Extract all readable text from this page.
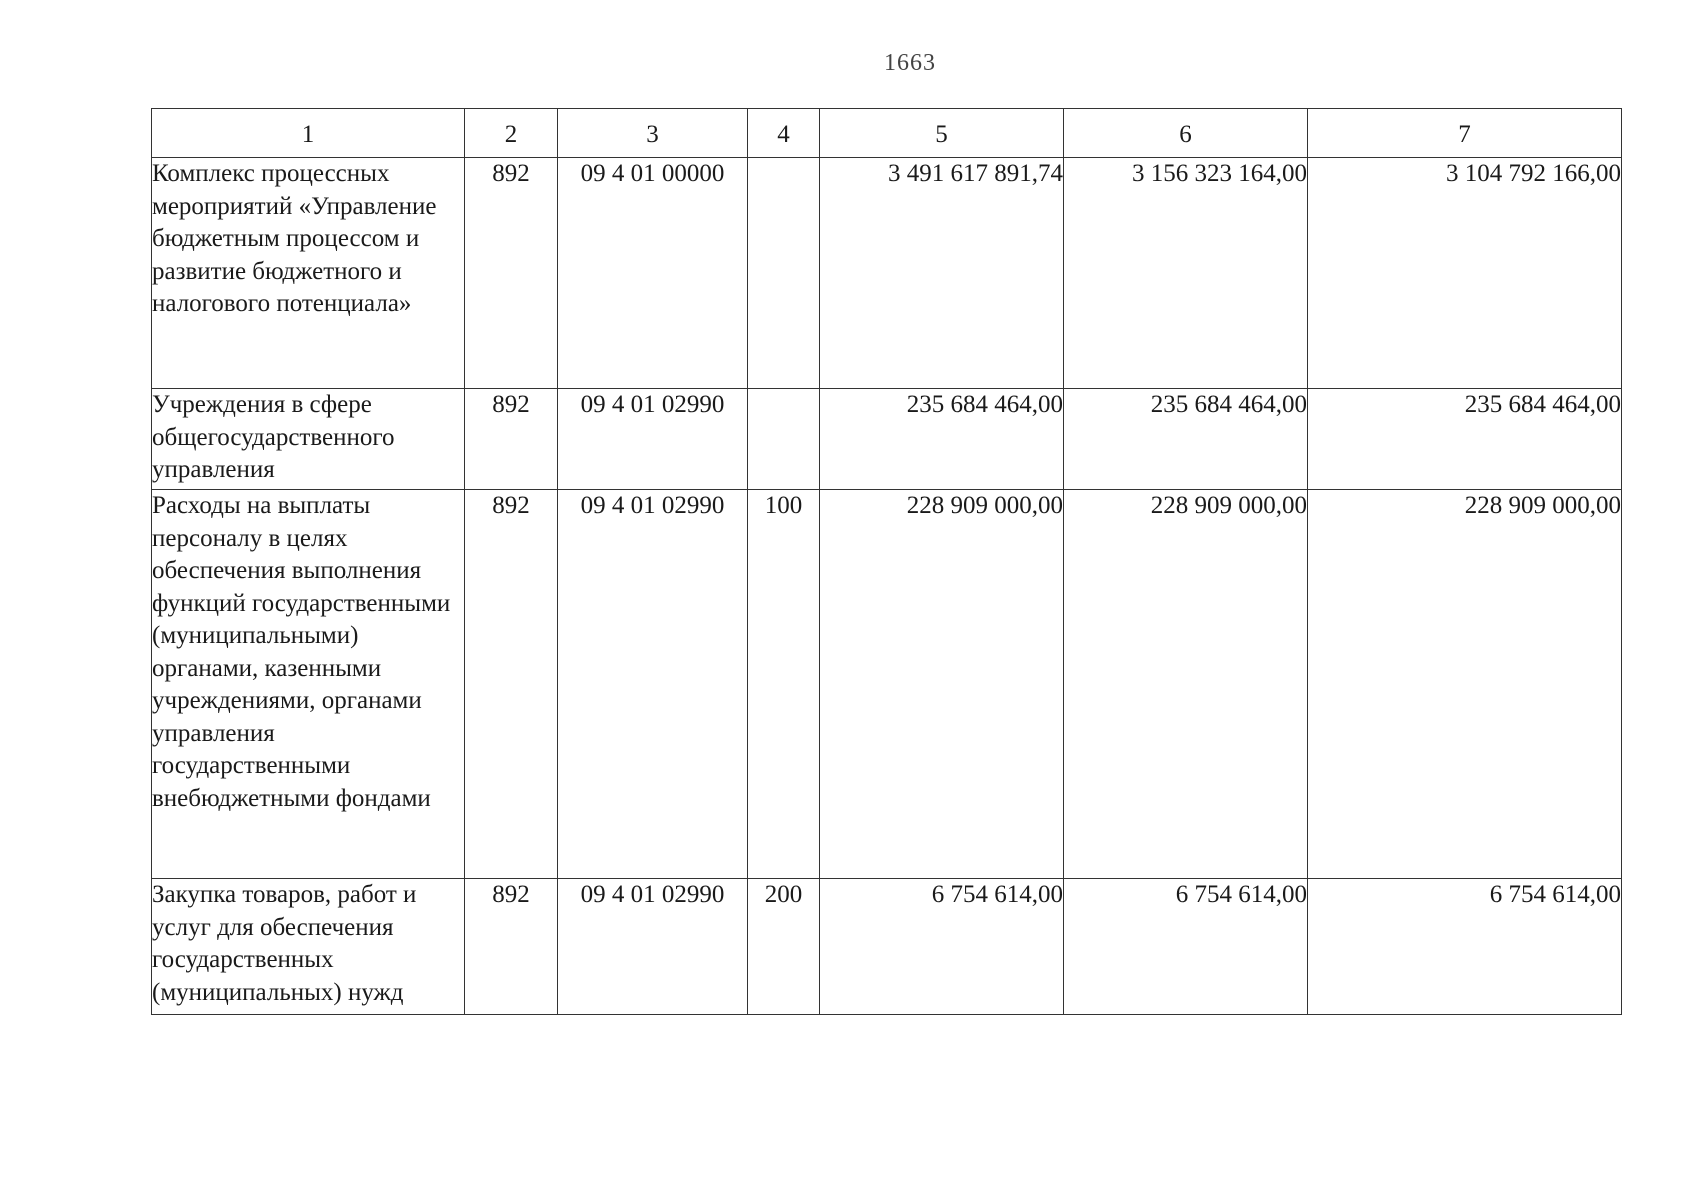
1663
1	2	3	4	5	6	7
Комплекс процессных мероприятий «Управление бюджетным процессом и развитие бюджетного и налогового потенциала»	892	09 4 01 00000		3 491 617 891,74	3 156 323 164,00	3 104 792 166,00
Учреждения в сфере общегосударственного управления	892	09 4 01 02990		235 684 464,00	235 684 464,00	235 684 464,00
Расходы на выплаты персоналу в целях обеспечения выполнения функций государственными (муниципальными) органами, казенными учреждениями, органами управления государственными внебюджетными фондами	892	09 4 01 02990	100	228 909 000,00	228 909 000,00	228 909 000,00
Закупка товаров, работ и услуг для обеспечения государственных (муниципальных) нужд	892	09 4 01 02990	200	6 754 614,00	6 754 614,00	6 754 614,00
